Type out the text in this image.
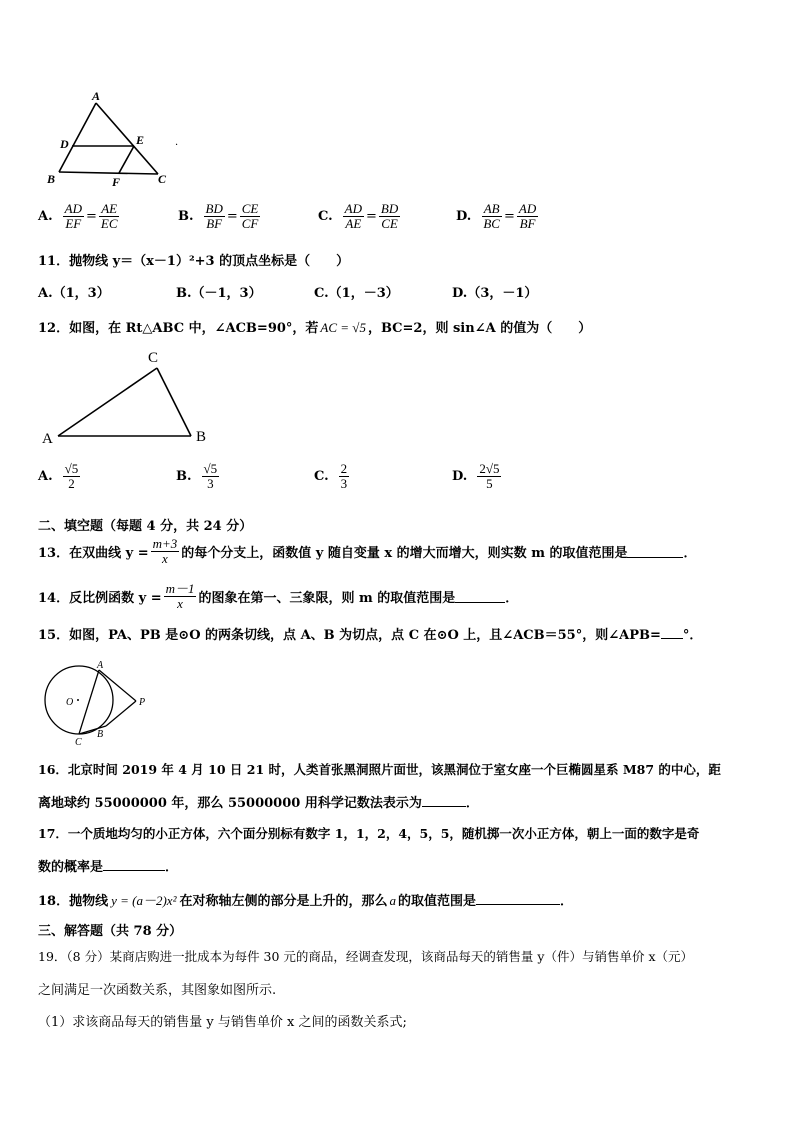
A
D	E
B	F	C
·
A. $\frac{AD}{EF} = \frac{AE}{EC}$	B. $\frac{BD}{BF} = \frac{CE}{CF}$	C. $\frac{AD}{AE} = \frac{BD}{CE}$	D. $\frac{AB}{BC} = \frac{AD}{BF}$
11．抛物线 y＝（x－1）²+3 的顶点坐标是（　　）
A.（1，3）	B.（－1，3）	C.（1，－3）	D.（3，－1）
12．如图，在 Rt△ABC 中，∠ACB=90°，若 AC = √5 ，BC=2，则 sin∠A 的值为（　　）
C
A	B
A. $\frac{√5}{2}$	B. $\frac{√5}{3}$	C. $\frac{2}{3}$	D. $\frac{2√5}{5}$
二、填空题（每题 4 分，共 24 分）
13．在双曲线 $y = \frac{m+3}{x}$ 的每个分支上，函数值 y 随自变量 x 的增大而增大，则实数 m 的取值范围是	．
14．反比例函数 $y = \frac{m-1}{x}$ 的图象在第一、三象限，则 m 的取值范围是	．
15．如图，PA、PB 是⊙O 的两条切线，点 A、B 为切点，点 C 在⊙O 上，且∠ACB＝55°，则∠APB= °．
A
O	P
C
B
16．北京时间 2019 年 4 月 10 日 21 时，人类首张黑洞照片面世，该黑洞位于室女座一个巨椭圆星系 M87 的中心，距
离地球约 55000000 年，那么 55000000 用科学记数法表示为	．
17．一个质地均匀的小正方体，六个面分别标有数字 1，1，2，4，5，5，随机掷一次小正方体，朝上一面的数字是奇
数的概率是	．
18．抛物线 y = (a－2)x² 在对称轴左侧的部分是上升的，那么 a 的取值范围是	．
三、解答题（共 78 分）
19．（8 分）某商店购进一批成本为每件 30 元的商品，经调查发现，该商品每天的销售量 y（件）与销售单价 x（元）
之间满足一次函数关系，其图象如图所示.
（1）求该商品每天的销售量 y 与销售单价 x 之间的函数关系式;
